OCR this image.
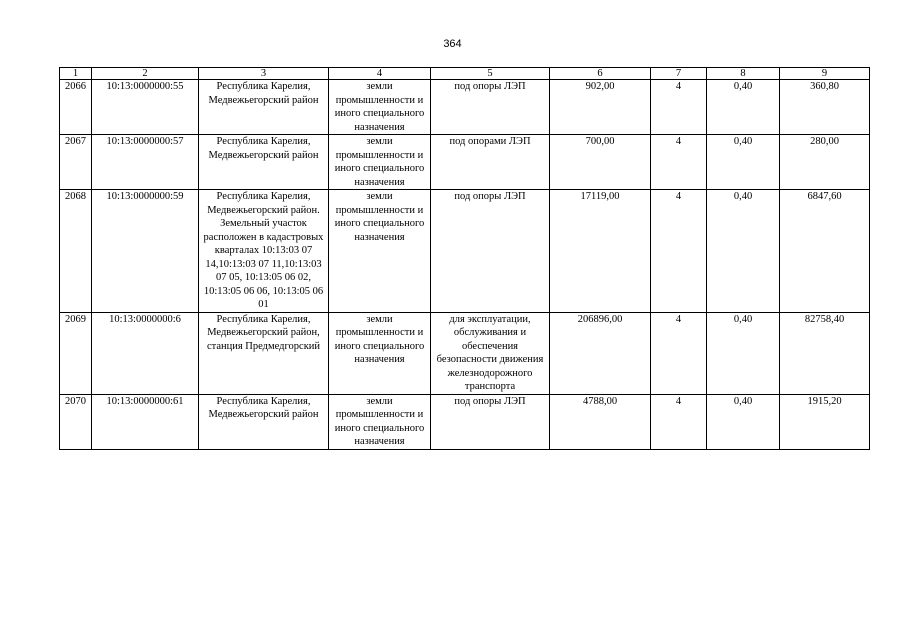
364
1	2	3	4	5	6	7	8	9
2066	10:13:0000000:55	Республика Карелия, Медвежьегорский район	земли промышленности и иного специального назначения	под опоры ЛЭП	902,00	4	0,40	360,80
2067	10:13:0000000:57	Республика Карелия, Медвежьегорский район	земли промышленности и иного специального назначения	под опорами ЛЭП	700,00	4	0,40	280,00
2068	10:13:0000000:59	Республика Карелия, Медвежьегорский район. Земельный участок расположен в кадастровых кварталах 10:13:03 07 14,10:13:03 07 11,10:13:03 07 05, 10:13:05 06 02, 10:13:05 06 06, 10:13:05 06 01	земли промышленности и иного специального назначения	под опоры ЛЭП	17119,00	4	0,40	6847,60
2069	10:13:0000000:6	Республика Карелия, Медвежьегорский район, станция Предмедгорский	земли промышленности и иного специального назначения	для эксплуатации, обслуживания и обеспечения безопасности движения железнодорожного транспорта	206896,00	4	0,40	82758,40
2070	10:13:0000000:61	Республика Карелия, Медвежьегорский район	земли промышленности и иного специального назначения	под опоры ЛЭП	4788,00	4	0,40	1915,20
